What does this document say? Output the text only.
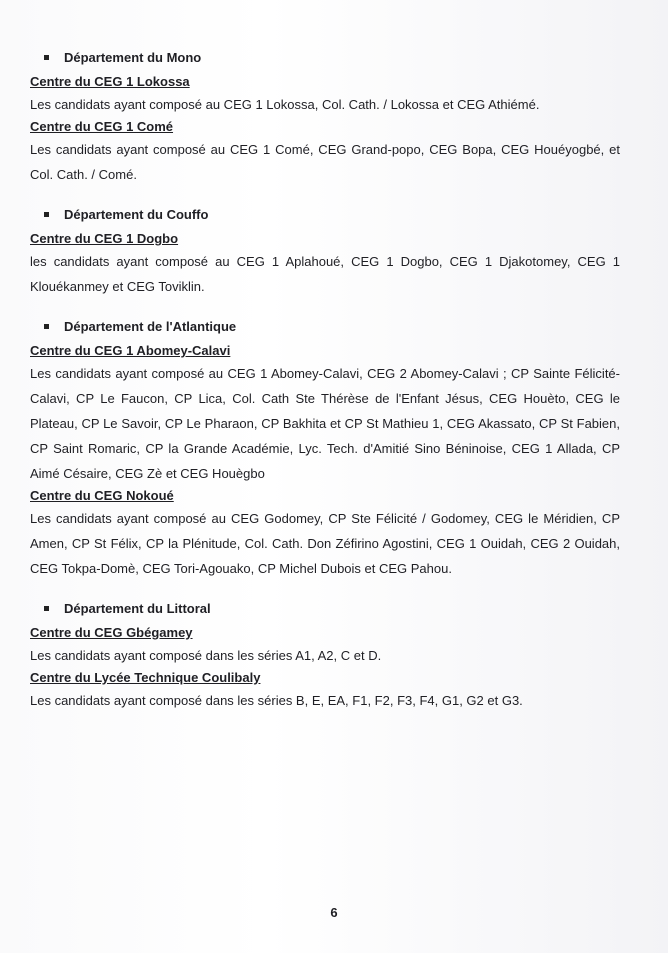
Département du Mono
Centre du CEG 1 Lokossa

Les candidats ayant composé au CEG 1 Lokossa, Col. Cath. / Lokossa et CEG Athiémé.

Centre du CEG 1 Comé

Les candidats ayant composé au CEG 1 Comé, CEG Grand-popo, CEG Bopa, CEG Houéyogbé, et Col. Cath. / Comé.

Département du Couffo
Centre du CEG 1 Dogbo

les candidats ayant composé au CEG 1 Aplahoué, CEG 1 Dogbo, CEG 1 Djakotomey, CEG 1 Klouékanmey et CEG Toviklin.

Département de l'Atlantique
Centre du CEG 1 Abomey-Calavi

Les candidats ayant composé au CEG 1 Abomey-Calavi, CEG 2 Abomey-Calavi ; CP Sainte Félicité-Calavi, CP Le Faucon, CP Lica, Col. Cath Ste Thérèse de l'Enfant Jésus, CEG Houèto, CEG le Plateau, CP Le Savoir, CP Le Pharaon, CP Bakhita et CP St Mathieu 1, CEG Akassato, CP St Fabien, CP Saint Romaric, CP la Grande Académie, Lyc. Tech. d'Amitié Sino Béninoise, CEG 1 Allada, CP Aimé Césaire, CEG Zè et CEG Houègbo

Centre du CEG Nokoué

Les candidats ayant composé au CEG Godomey, CP Ste Félicité / Godomey, CEG le Méridien, CP Amen, CP St Félix, CP la Plénitude, Col. Cath. Don Zéfirino Agostini, CEG 1 Ouidah, CEG 2 Ouidah, CEG Tokpa-Domè, CEG Tori-Agouako, CP Michel Dubois et CEG Pahou.

Département du Littoral
Centre du CEG Gbégamey

Les candidats ayant composé dans les séries A1, A2, C et D.

Centre du Lycée Technique Coulibaly

Les candidats ayant composé dans les séries B, E, EA, F1, F2, F3, F4, G1, G2 et G3.

6
